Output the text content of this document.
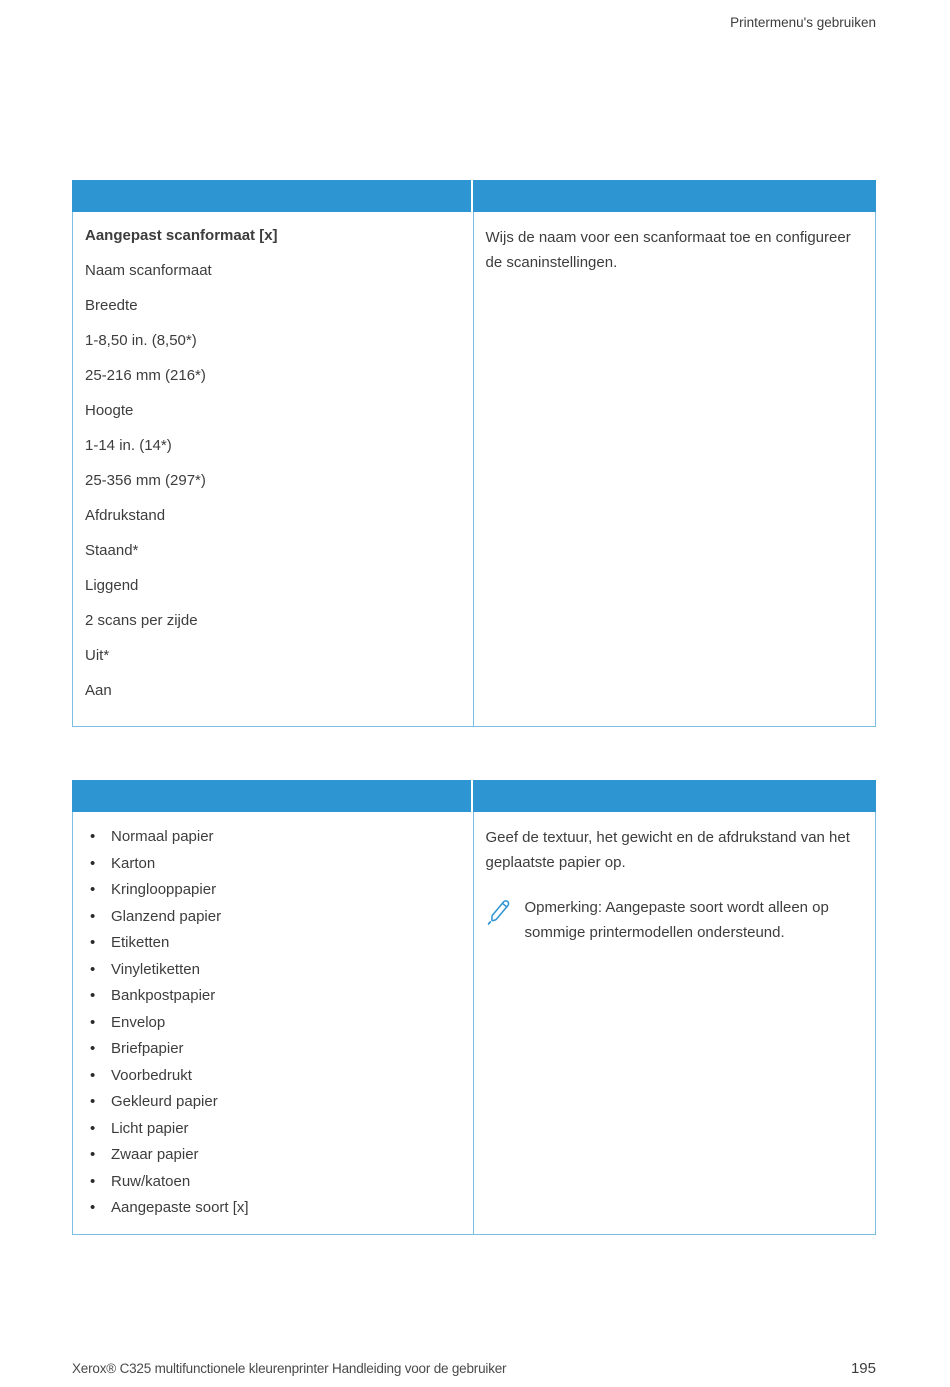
Printermenu's gebruiken

Aangepast scanformaat [x]

Naam scanformaat

Breedte

1-8,50 in. (8,50*)

25-216 mm (216*)

Hoogte

1-14 in. (14*)

25-356 mm (297*)

Afdrukstand

Staand*

Liggend

2 scans per zijde

Uit*

Aan

Wijs de naam voor een scanformaat toe en configureer de scaninstellingen.

• Normaal papier
• Karton
• Kringlooppapier
• Glanzend papier
• Etiketten
• Vinyletiketten
• Bankpostpapier
• Envelop
• Briefpapier
• Voorbedrukt
• Gekleurd papier
• Licht papier
• Zwaar papier
• Ruw/katoen
• Aangepaste soort [x]

Geef de textuur, het gewicht en de afdrukstand van het geplaatste papier op.

Opmerking: Aangepaste soort wordt alleen op sommige printermodellen ondersteund.

Xerox® C325 multifunctionele kleurenprinter Handleiding voor de gebruiker	195
